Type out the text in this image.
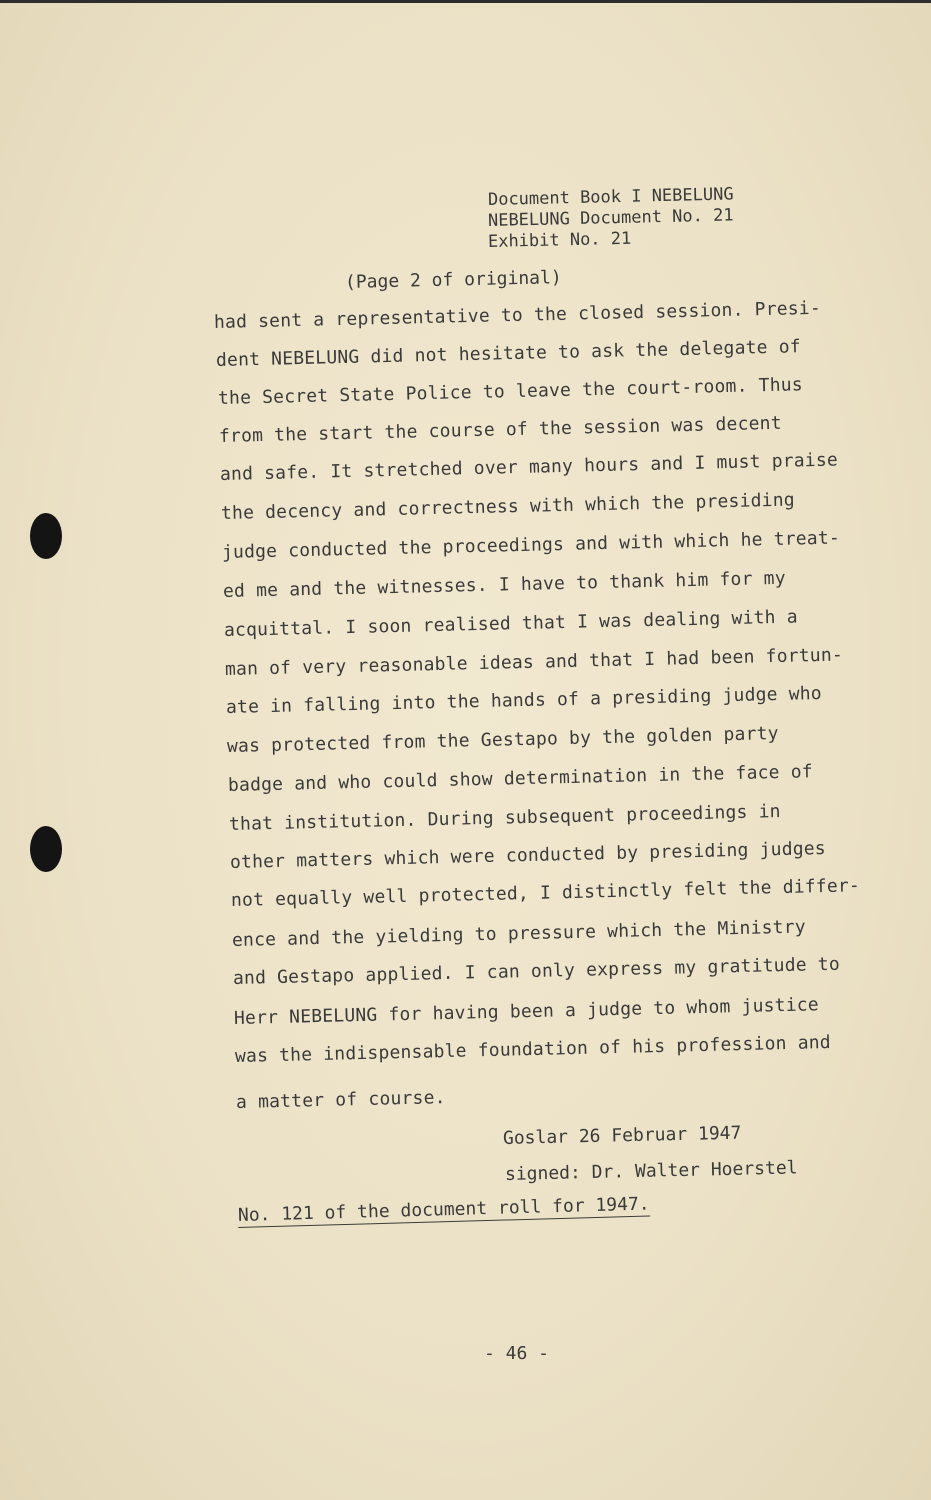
Document Book I NEBELUNG
NEBELUNG Document No. 21
Exhibit No. 21
(Page 2 of original)
had sent a representative to the closed session. Presi-
dent NEBELUNG did not hesitate to ask the delegate of
the Secret State Police to leave the court-room. Thus
from the start the course of the session was decent
and safe. It stretched over many hours and I must praise
the decency and correctness with which the presiding
judge conducted the proceedings and with which he treat-
ed me and the witnesses. I have to thank him for my
acquittal. I soon realised that I was dealing with a
man of very reasonable ideas and that I had been fortun-
ate in falling into the hands of a presiding judge who
was protected from the Gestapo by the golden party
badge and who could show determination in the face of
that institution. During subsequent proceedings in
other matters which were conducted by presiding judges
not equally well protected, I distinctly felt the differ-
ence and the yielding to pressure which the Ministry
and Gestapo applied. I can only express my gratitude to
Herr NEBELUNG for having been a judge to whom justice
was the indispensable foundation of his profession and
a matter of course.
Goslar 26 Februar 1947
signed: Dr. Walter Hoerstel
No. 121 of the document roll for 1947.
- 46 -
